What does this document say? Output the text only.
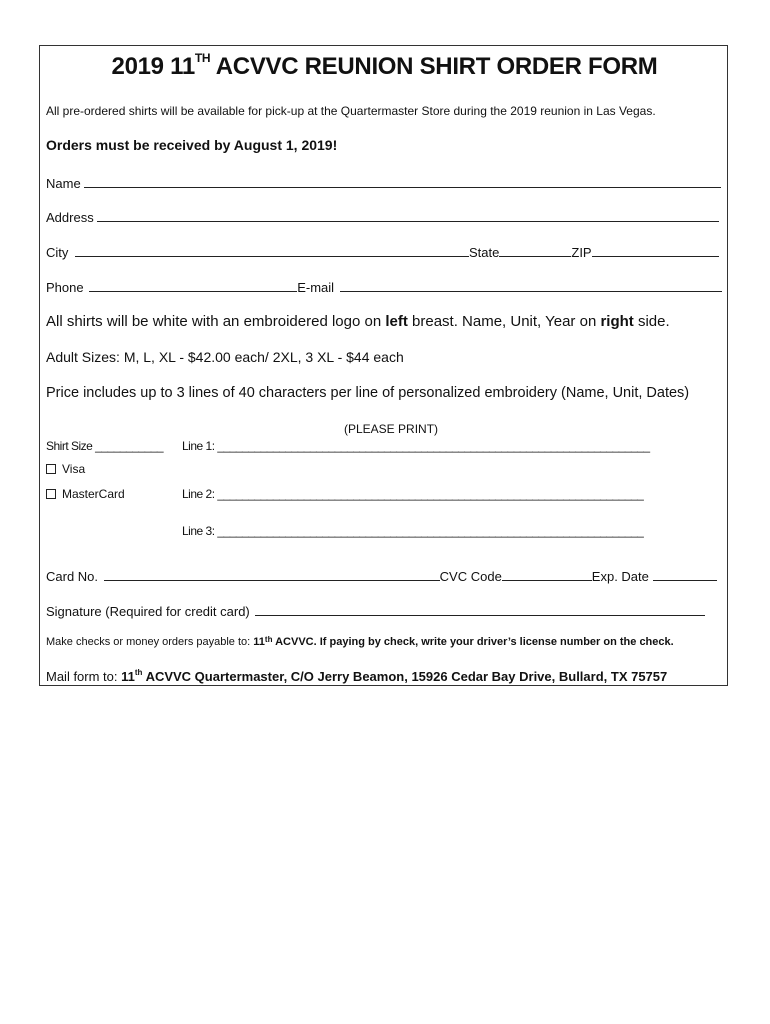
2019 11TH ACVVC REUNION SHIRT ORDER FORM
All pre-ordered shirts will be available for pick-up at the Quartermaster Store during the 2019 reunion in Las Vegas.
Orders must be received by August 1, 2019!
Name
Address
City	State	ZIP
Phone	E-mail
All shirts will be white with an embroidered logo on left breast. Name, Unit, Year on right side.
Adult Sizes: M, L, XL - $42.00 each/ 2XL, 3 XL - $44 each
Price includes up to 3 lines of 40 characters per line of personalized embroidery (Name, Unit, Dates)
(PLEASE PRINT)
Shirt Size ___________ Line 1: ______________________________________________________________________
Visa
MasterCard	Line 2: _____________________________________________________________________
Line 3: _____________________________________________________________________
Card No.	CVC Code	Exp. Date
Signature (Required for credit card)
Make checks or money orders payable to: 11th ACVVC. If paying by check, write your driver’s license number on the check.
Mail form to: 11th ACVVC Quartermaster, C/O Jerry Beamon, 15926 Cedar Bay Drive, Bullard, TX 75757
